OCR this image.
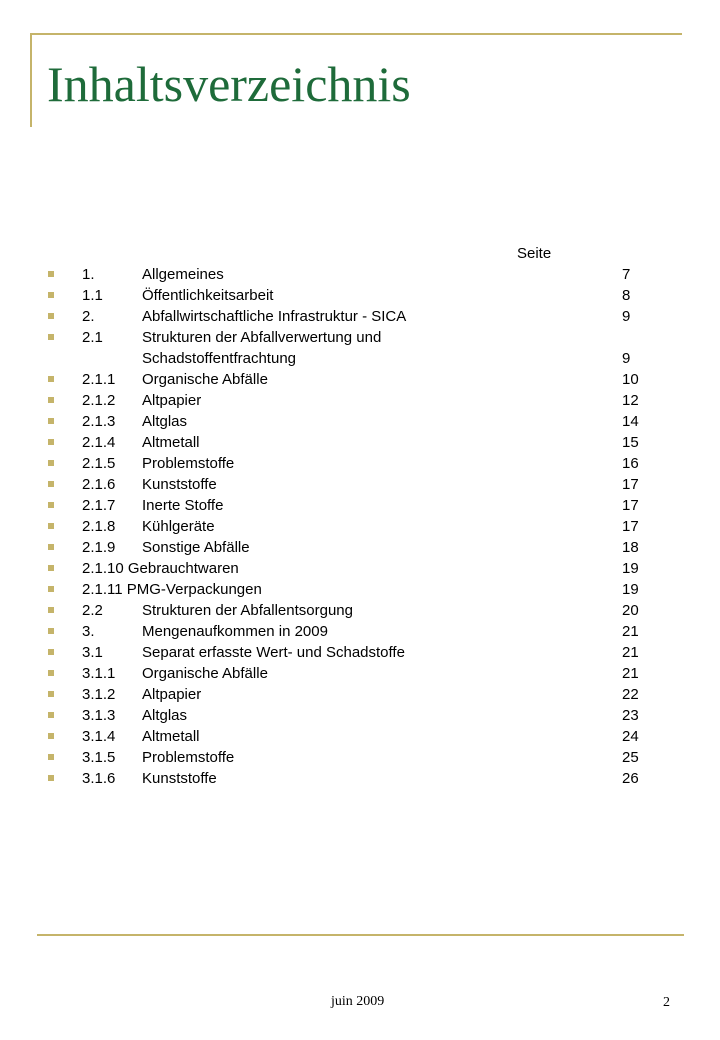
Inhaltsverzeichnis
Seite
1.	Allgemeines	7
1.1	Öffentlichkeitsarbeit	8
2.	Abfallwirtschaftliche Infrastruktur - SICA	9
2.1	Strukturen der Abfallverwertung und
Schadstoffentfrachtung	9
2.1.1 Organische Abfälle	10
2.1.2 Altpapier	12
2.1.3 Altglas	14
2.1.4 Altmetall	15
2.1.5 Problemstoffe	16
2.1.6 Kunststoffe	17
2.1.7 Inerte Stoffe	17
2.1.8 Kühlgeräte	17
2.1.9 Sonstige Abfälle	18
2.1.10 Gebrauchtwaren	19
2.1.11 PMG-Verpackungen	19
2.2	Strukturen der Abfallentsorgung	20
3.	Mengenaufkommen in 2009	21
3.1	Separat erfasste Wert- und Schadstoffe	21
3.1.1 Organische Abfälle	21
3.1.2 Altpapier	22
3.1.3 Altglas	23
3.1.4 Altmetall	24
3.1.5 Problemstoffe	25
3.1.6 Kunststoffe	26
juin 2009	2
